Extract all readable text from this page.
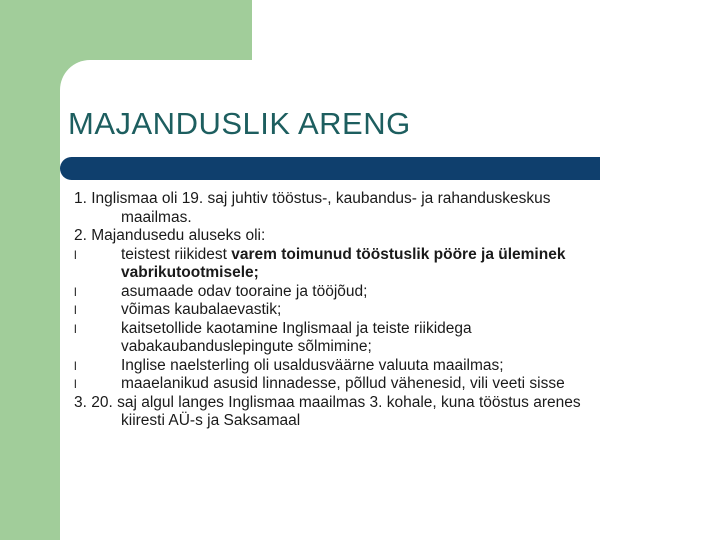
MAJANDUSLIK ARENG
1. Inglismaa oli 19. saj juhtiv tööstus-, kaubandus- ja rahanduskeskus
maailmas.
2. Majandusedu aluseks oli:
l	teistest riikidest varem toimunud tööstuslik pööre ja üleminek
vabrikutootmisele;
l	asumaade odav tooraine ja tööjõud;
l	võimas kaubalaevastik;
l	kaitsetollide kaotamine Inglismaal ja teiste riikidega
vabakaubanduslepingute sõlmimine;
l	Inglise naelsterling oli usaldusväärne valuuta maailmas;
l	maaelanikud asusid linnadesse, põllud vähenesid, vili veeti sisse
3. 20. saj algul langes Inglismaa maailmas 3. kohale, kuna tööstus arenes
kiiresti AÜ-s ja Saksamaal
